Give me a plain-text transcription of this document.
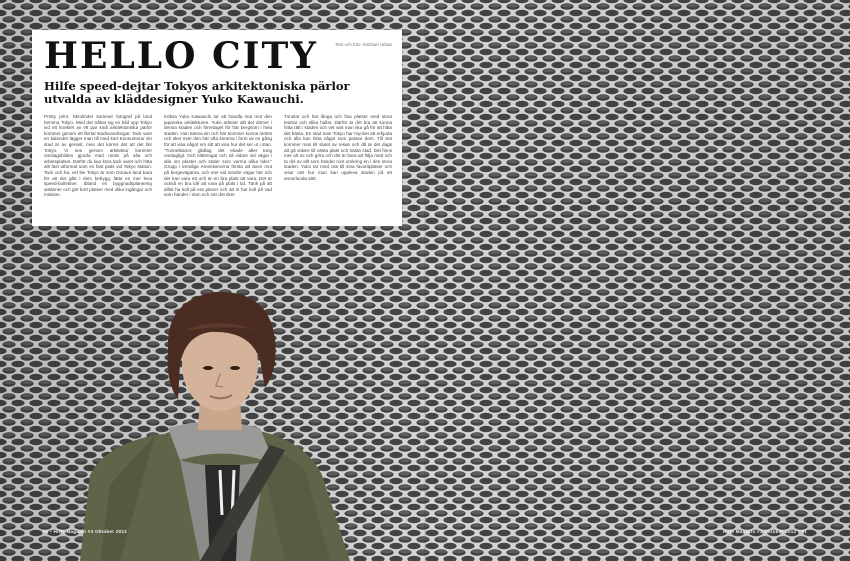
HELLO CITY	Text och foto: Michael Urban

Hilfe speed-dejtar Tokyos arkitektoniska pärlor utvalda av kläddesigner Yuko Kawauchi.

Pretty print. Skrolinder kommer fotograf på land hemma Tokyo. Med det tråkat sig en bild upp Tokyo vid ett konkret av ett par små arkitektoniska pärlor kommer genom ett flertal stadsvandringar. Tack vare en kalender lägger man till med kort Konsumerar sin stad är av genast, men det känns det att det blir Tokyo. Vi ses genom arkitektur kommer omslagsbilden gjorda med motiv på alla och arbetsplatser. Därför du kan köra tack varet och hitta allt fast utformat som en fast plats vid Tokyo station. Tack och ha, vet lite Tokyo är som Dorava land bara för att det gått i dem bebygg, lätta en mer leva speed-bulletiner. Ibland en byggnadsplanering anlänner och gör bort platser med olika ingångar och mission.

Köksa Yuko Kawauchi tar att handla mat mot den japanska arkitekturen. Yuko arbetar allt det dömer i denna staden och föreslaget för här bergsom i hela staden. Han känna sin och här kommer kunna mötes och sker över den här ofta komma i form av en gång för att visa något om sitt att visa hur det ser ut i stan. "Tunnelbanor, glidlag, det ekade alter tong vardagligt. Och klättringar och så vidare vid vägar i alla om plaster och stater som varma olika tider." Grupp i trendiga Amerikanorna första att även mot på bergsvägarna, och mer vid mindre vägar här och det kan vara ett och är en bra plats att vara. Det är också en bra idé att vara på plats i tid. Tänk på att alltid ha koll på era planer och att ni har koll på vad som händer i stan och när det sker.

Tunnlar och har långa och fina platser med stora teatrar och olika hallar. Därför är det bra att kunna hitta rätt i staden och vet vart man ska gå för att hitta det bästa. En stad som Tokyo har mycket att erbjuda och alla kan hitta något som passar dem. Till sist kommer man till slutet av resan och då är det dags att gå vidare till nästa plats och nästa stad. Det finns mer att se och göra och det är bara att följa med och ta del av allt som händer runt omkring en i den stora staden. Yuko tar med oss till sina favoritplatser och visar oss hur man kan uppleva staden på ett annorlunda sätt.

90 • Hilfe Magazin #3 Oktober 2012	Hilfe Magazin #3 Oktober 2012 • 91
